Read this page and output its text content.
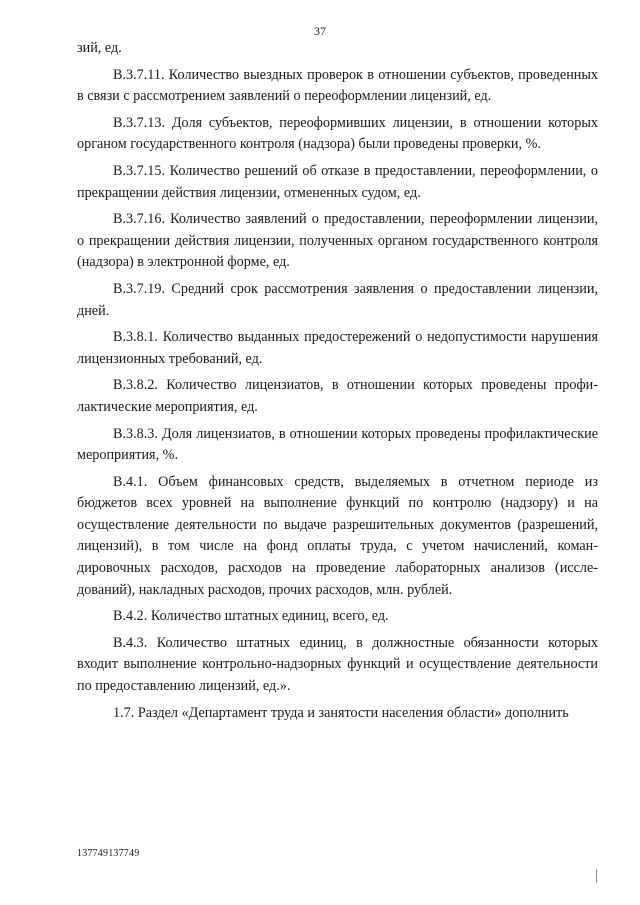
37

зий, ед.

В.3.7.11. Количество выездных проверок в отношении субъектов, проведенных в связи с рассмотрением заявлений о переоформлении лицензий, ед.

В.3.7.13. Доля субъектов, переоформивших лицензии, в отношении которых органом государственного контроля (надзора) были проведены проверки, %.

В.3.7.15. Количество решений об отказе в предоставлении, переоформлении, о прекращении действия лицензии, отмененных судом, ед.

В.3.7.16. Количество заявлений о предоставлении, переоформлении лицензии, о прекращении действия лицензии, полученных органом государственного контроля (надзора) в электронной форме, ед.

В.3.7.19. Средний срок рассмотрения заявления о предоставлении лицензии, дней.

В.3.8.1. Количество выданных предостережений о недопустимости нарушения лицензионных требований, ед.

В.3.8.2. Количество лицензиатов, в отношении которых проведены профилактические мероприятия, ед.

В.3.8.3. Доля лицензиатов, в отношении которых проведены профилактические мероприятия, %.

В.4.1. Объем финансовых средств, выделяемых в отчетном периоде из бюджетов всех уровней на выполнение функций по контролю (надзору) и на осуществление деятельности по выдаче разрешительных документов (разрешений, лицензий), в том числе на фонд оплаты труда, с учетом начислений, командировочных расходов, расходов на проведение лабораторных анализов (исследований), накладных расходов, прочих расходов, млн. рублей.

В.4.2. Количество штатных единиц, всего, ед.

В.4.3. Количество штатных единиц, в должностные обязанности которых входит выполнение контрольно-надзорных функций и осуществление деятельности по предоставлению лицензий, ед.».

1.7. Раздел «Департамент труда и занятости населения области» дополнить

137749137749
